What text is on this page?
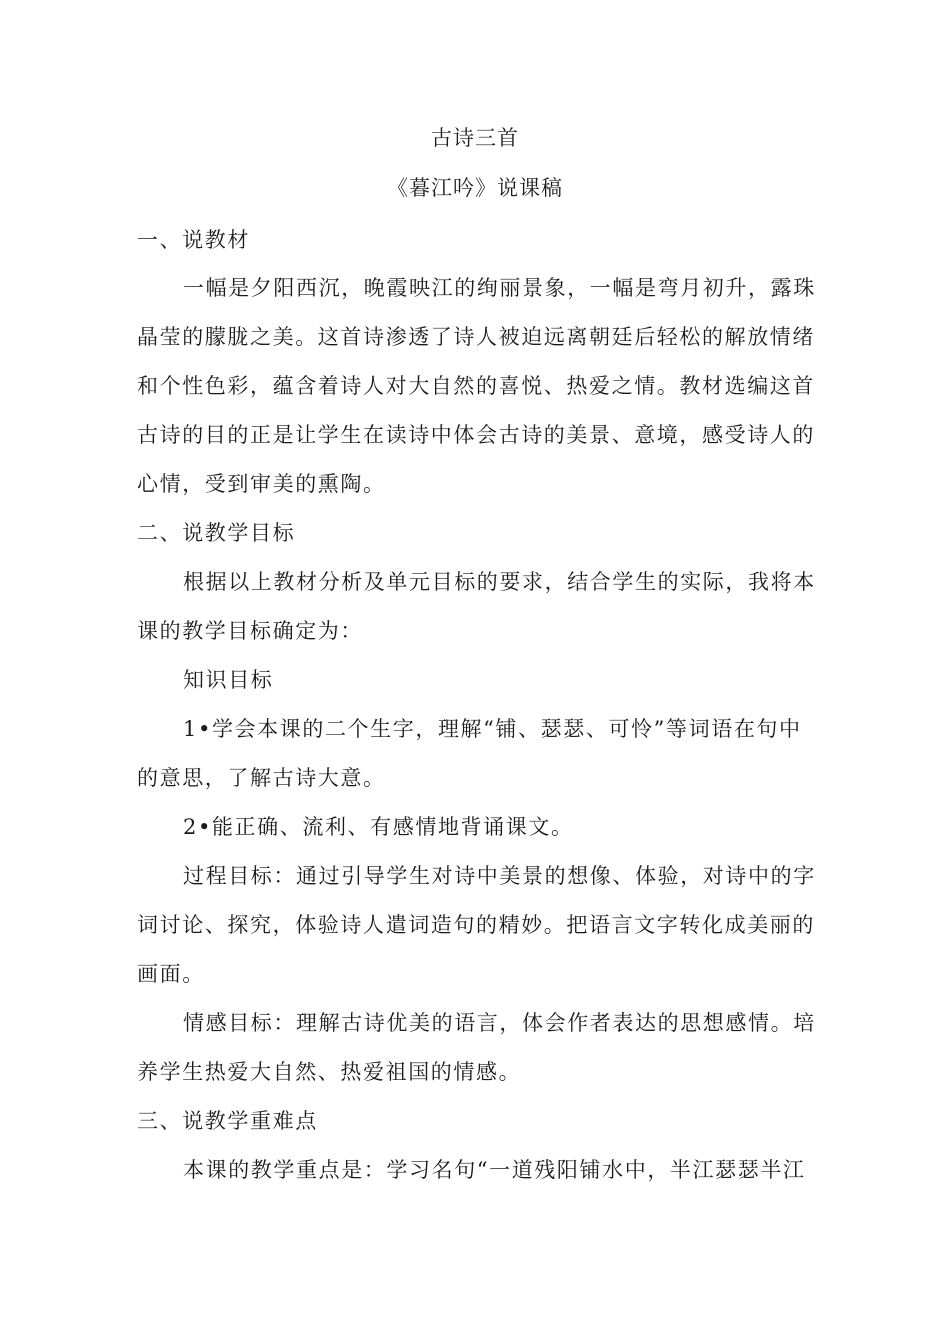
古诗三首
《暮江吟》说课稿
一、说教材
一幅是夕阳西沉，晚霞映江的绚丽景象，一幅是弯月初升，露珠
晶莹的朦胧之美。这首诗渗透了诗人被迫远离朝廷后轻松的解放情绪
和个性色彩，蕴含着诗人对大自然的喜悦、热爱之情。教材选编这首
古诗的目的正是让学生在读诗中体会古诗的美景、意境，感受诗人的
心情，受到审美的熏陶。
二、说教学目标
根据以上教材分析及单元目标的要求，结合学生的实际，我将本
课的教学目标确定为：
知识目标
1•学会本课的二个生字，理解“铺、瑟瑟、可怜”等词语在句中
的意思，了解古诗大意。
2•能正确、流利、有感情地背诵课文。
过程目标：通过引导学生对诗中美景的想像、体验，对诗中的字
词讨论、探究，体验诗人遣词造句的精妙。把语言文字转化成美丽的
画面。
情感目标：理解古诗优美的语言，体会作者表达的思想感情。培
养学生热爱大自然、热爱祖国的情感。
三、说教学重难点
本课的教学重点是：学习名句“一道残阳铺水中，半江瑟瑟半江
